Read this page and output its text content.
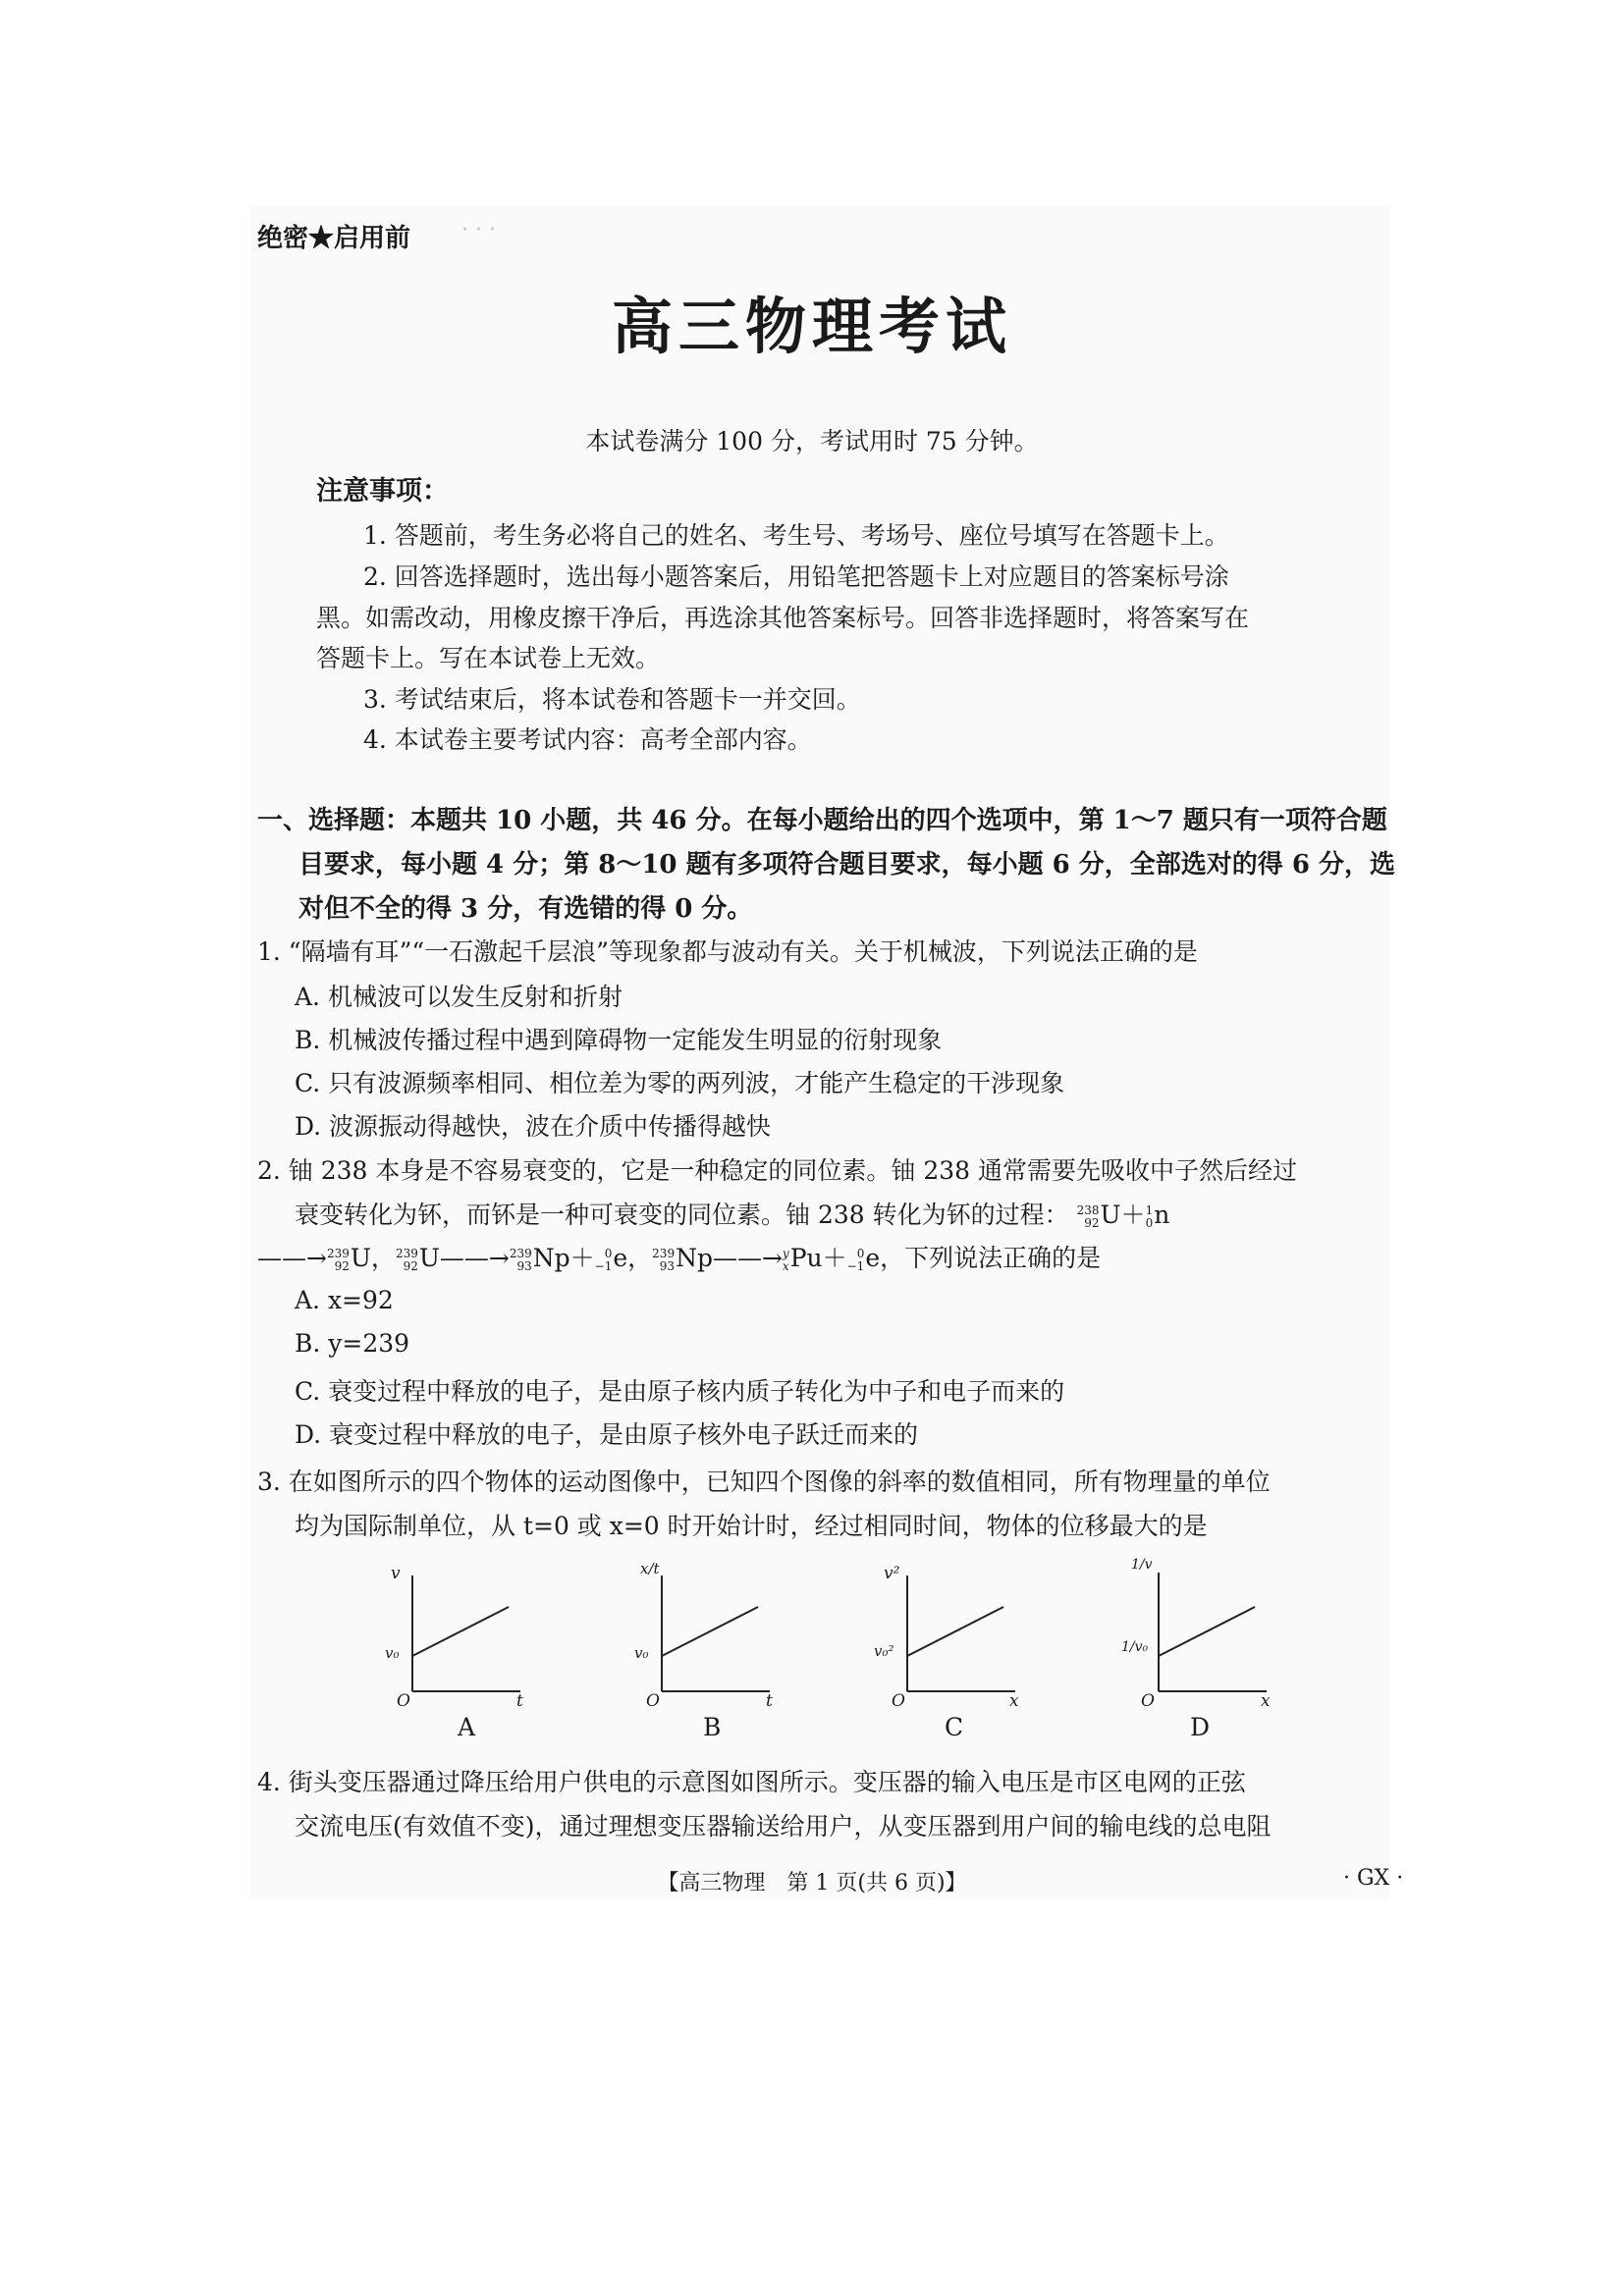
· · ·
绝密★启用前
高三物理考试
本试卷满分 100 分，考试用时 75 分钟。
注意事项：
1. 答题前，考生务必将自己的姓名、考生号、考场号、座位号填写在答题卡上。
2. 回答选择题时，选出每小题答案后，用铅笔把答题卡上对应题目的答案标号涂
黑。如需改动，用橡皮擦干净后，再选涂其他答案标号。回答非选择题时，将答案写在
答题卡上。写在本试卷上无效。
3. 考试结束后，将本试卷和答题卡一并交回。
4. 本试卷主要考试内容：高考全部内容。
一、选择题：本题共 10 小题，共 46 分。在每小题给出的四个选项中，第 1～7 题只有一项符合题
目要求，每小题 4 分；第 8～10 题有多项符合题目要求，每小题 6 分，全部选对的得 6 分，选
对但不全的得 3 分，有选错的得 0 分。
1. “隔墙有耳”“一石激起千层浪”等现象都与波动有关。关于机械波，下列说法正确的是
A. 机械波可以发生反射和折射
B. 机械波传播过程中遇到障碍物一定能发生明显的衍射现象
C. 只有波源频率相同、相位差为零的两列波，才能产生稳定的干涉现象
D. 波源振动得越快，波在介质中传播得越快
2. 铀 238 本身是不容易衰变的，它是一种稳定的同位素。铀 238 通常需要先吸收中子然后经过
衰变转化为钚，而钚是一种可衰变的同位素。铀 238 转化为钚的过程： 238
92 U＋ 1
0 n
——→ 239
92 U， 239
92 U——→ 239
93 Np＋ 0
−1 e， 239
93 Np——→ y
x Pu＋ 0
−1 e，下列说法正确的是
A. x=92
B. y=239
C. 衰变过程中释放的电子，是由原子核内质子转化为中子和电子而来的
D. 衰变过程中释放的电子，是由原子核外电子跃迁而来的
3. 在如图所示的四个物体的运动图像中，已知四个图像的斜率的数值相同，所有物理量的单位
均为国际制单位，从 t=0 或 x=0 时开始计时，经过相同时间，物体的位移最大的是
v
v₀
O	t
A
x/t
v₀
O	t
B
v²
v₀²
O	x
C
1/v
1/v₀
O	x
D
4. 街头变压器通过降压给用户供电的示意图如图所示。变压器的输入电压是市区电网的正弦
交流电压(有效值不变)，通过理想变压器输送给用户，从变压器到用户间的输电线的总电阻
【高三物理　第 1 页(共 6 页)】	· GX ·
